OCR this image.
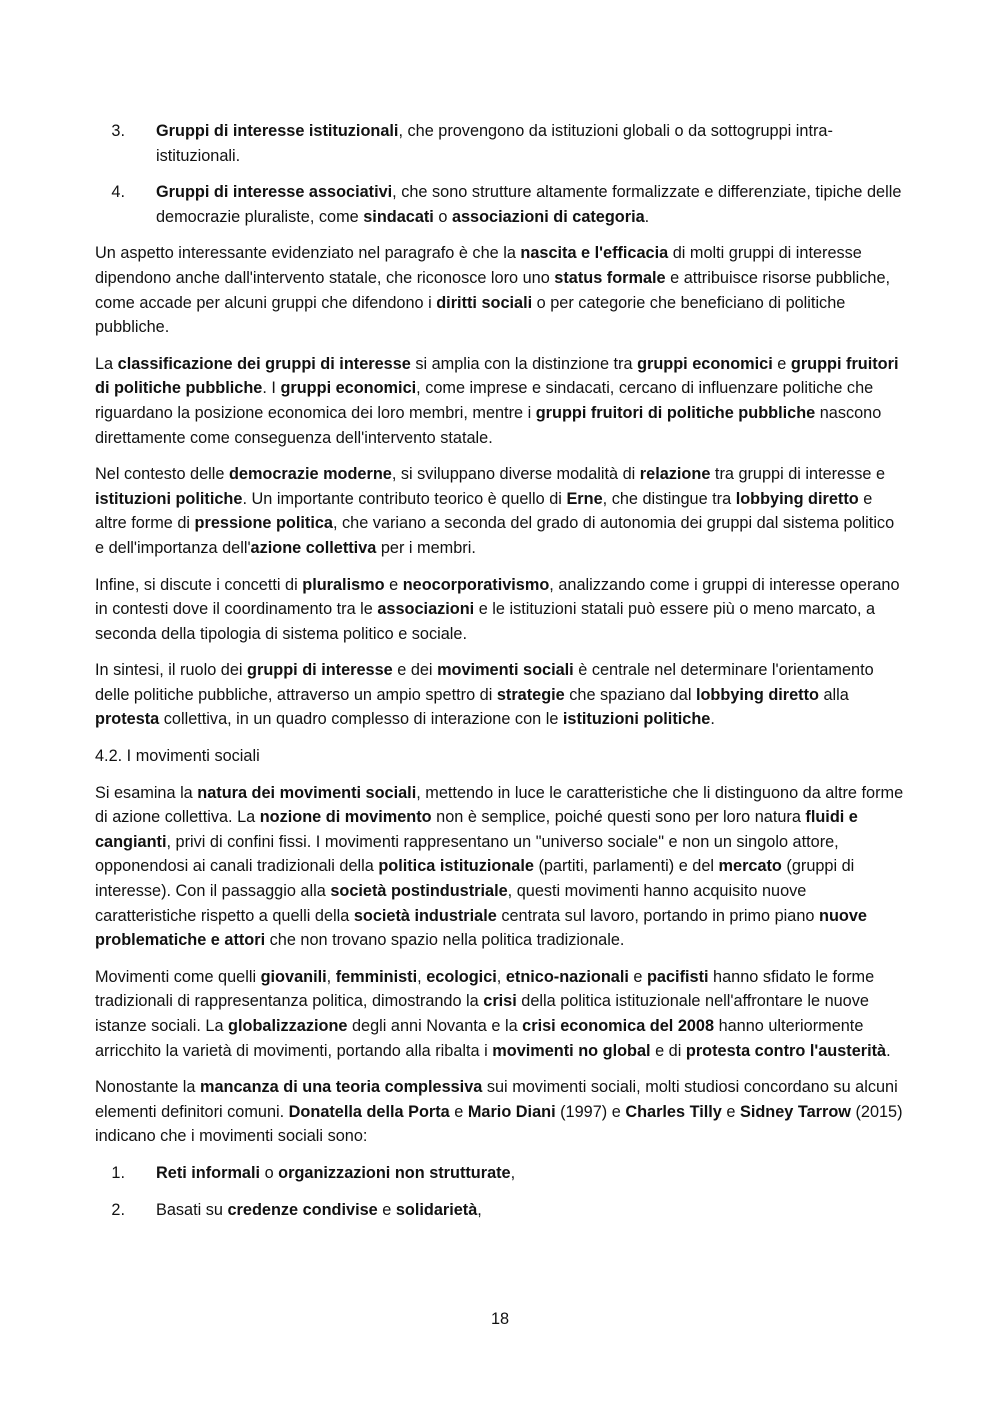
3.	Gruppi di interesse istituzionali, che provengono da istituzioni globali o da sottogruppi intra-istituzionali.
4.	Gruppi di interesse associativi, che sono strutture altamente formalizzate e differenziate, tipiche delle democrazie pluraliste, come sindacati o associazioni di categoria.

Un aspetto interessante evidenziato nel paragrafo è che la nascita e l'efficacia di molti gruppi di interesse dipendono anche dall'intervento statale, che riconosce loro uno status formale e attribuisce risorse pubbliche, come accade per alcuni gruppi che difendono i diritti sociali o per categorie che beneficiano di politiche pubbliche.

La classificazione dei gruppi di interesse si amplia con la distinzione tra gruppi economici e gruppi fruitori di politiche pubbliche. I gruppi economici, come imprese e sindacati, cercano di influenzare politiche che riguardano la posizione economica dei loro membri, mentre i gruppi fruitori di politiche pubbliche nascono direttamente come conseguenza dell'intervento statale.

Nel contesto delle democrazie moderne, si sviluppano diverse modalità di relazione tra gruppi di interesse e istituzioni politiche. Un importante contributo teorico è quello di Erne, che distingue tra lobbying diretto e altre forme di pressione politica, che variano a seconda del grado di autonomia dei gruppi dal sistema politico e dell'importanza dell'azione collettiva per i membri.

Infine, si discute i concetti di pluralismo e neocorporativismo, analizzando come i gruppi di interesse operano in contesti dove il coordinamento tra le associazioni e le istituzioni statali può essere più o meno marcato, a seconda della tipologia di sistema politico e sociale.

In sintesi, il ruolo dei gruppi di interesse e dei movimenti sociali è centrale nel determinare l'orientamento delle politiche pubbliche, attraverso un ampio spettro di strategie che spaziano dal lobbying diretto alla protesta collettiva, in un quadro complesso di interazione con le istituzioni politiche.

4.2. I movimenti sociali

Si esamina la natura dei movimenti sociali, mettendo in luce le caratteristiche che li distinguono da altre forme di azione collettiva. La nozione di movimento non è semplice, poiché questi sono per loro natura fluidi e cangianti, privi di confini fissi. I movimenti rappresentano un "universo sociale" e non un singolo attore, opponendosi ai canali tradizionali della politica istituzionale (partiti, parlamenti) e del mercato (gruppi di interesse). Con il passaggio alla società postindustriale, questi movimenti hanno acquisito nuove caratteristiche rispetto a quelli della società industriale centrata sul lavoro, portando in primo piano nuove problematiche e attori che non trovano spazio nella politica tradizionale.

Movimenti come quelli giovanili, femministi, ecologici, etnico-nazionali e pacifisti hanno sfidato le forme tradizionali di rappresentanza politica, dimostrando la crisi della politica istituzionale nell'affrontare le nuove istanze sociali. La globalizzazione degli anni Novanta e la crisi economica del 2008 hanno ulteriormente arricchito la varietà di movimenti, portando alla ribalta i movimenti no global e di protesta contro l'austerità.

Nonostante la mancanza di una teoria complessiva sui movimenti sociali, molti studiosi concordano su alcuni elementi definitori comuni. Donatella della Porta e Mario Diani (1997) e Charles Tilly e Sidney Tarrow (2015) indicano che i movimenti sociali sono:

1.	Reti informali o organizzazioni non strutturate,
2.	Basati su credenze condivise e solidarietà,
18
